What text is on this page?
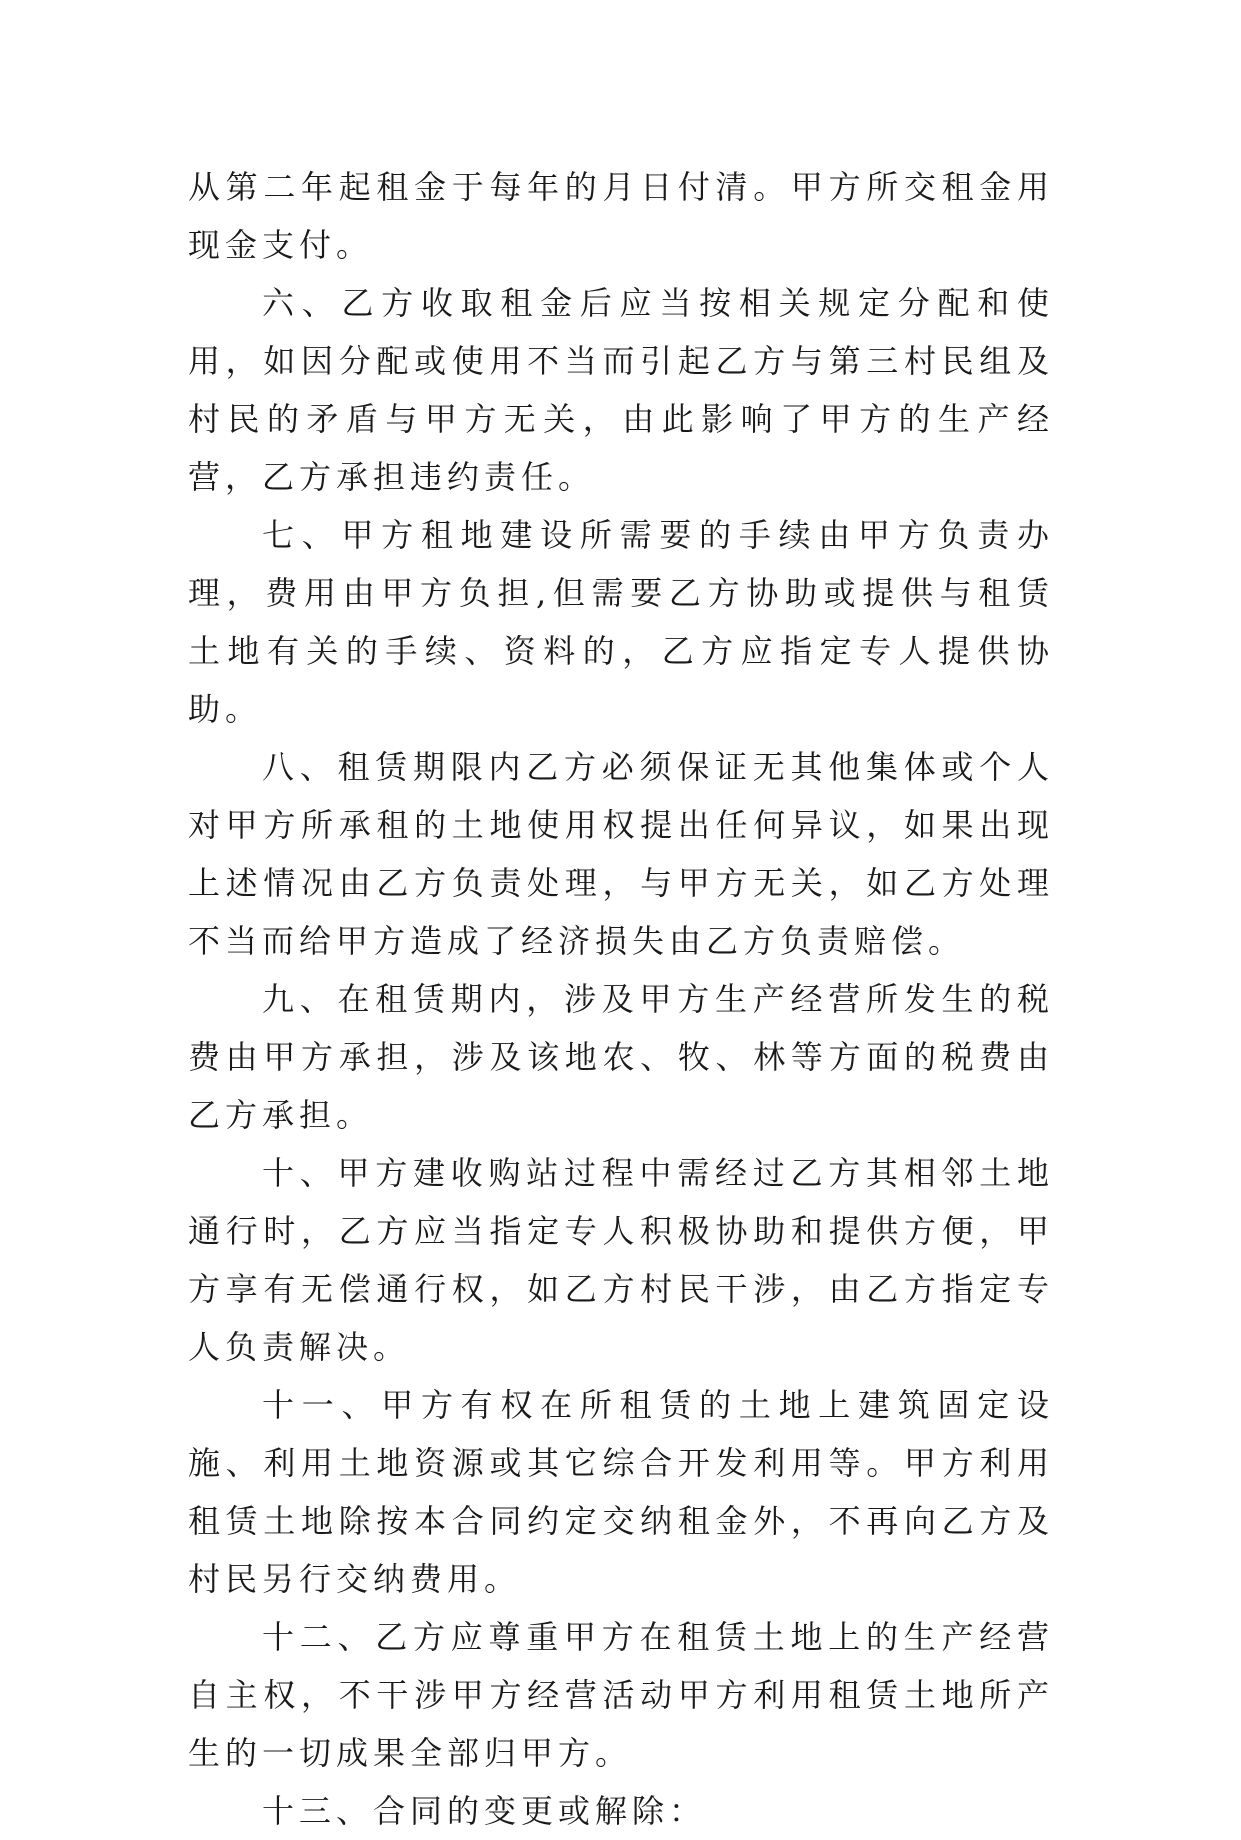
从第二年起租金于每年的月日付清。甲方所交租金用现金支付。

六、乙方收取租金后应当按相关规定分配和使用，如因分配或使用不当而引起乙方与第三村民组及村民的矛盾与甲方无关，由此影响了甲方的生产经营，乙方承担违约责任。

七、甲方租地建设所需要的手续由甲方负责办理，费用由甲方负担,但需要乙方协助或提供与租赁土地有关的手续、资料的，乙方应指定专人提供协助。

八、租赁期限内乙方必须保证无其他集体或个人对甲方所承租的土地使用权提出任何异议，如果出现上述情况由乙方负责处理，与甲方无关，如乙方处理不当而给甲方造成了经济损失由乙方负责赔偿。

九、在租赁期内，涉及甲方生产经营所发生的税费由甲方承担，涉及该地农、牧、林等方面的税费由乙方承担。

十、甲方建收购站过程中需经过乙方其相邻土地通行时，乙方应当指定专人积极协助和提供方便，甲方享有无偿通行权，如乙方村民干涉，由乙方指定专人负责解决。

十一、甲方有权在所租赁的土地上建筑固定设施、利用土地资源或其它综合开发利用等。甲方利用租赁土地除按本合同约定交纳租金外，不再向乙方及村民另行交纳费用。

十二、乙方应尊重甲方在租赁土地上的生产经营自主权，不干涉甲方经营活动甲方利用租赁土地所产生的一切成果全部归甲方。

十三、合同的变更或解除：
